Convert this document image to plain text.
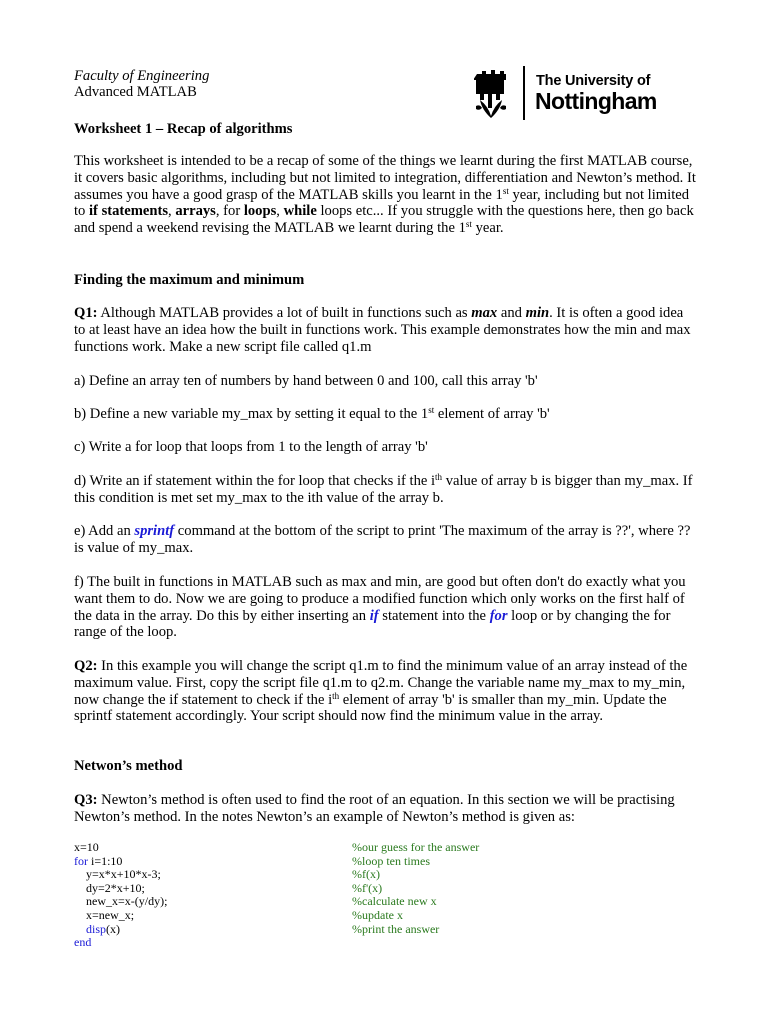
Faculty of Engineering
Advanced MATLAB
The University of
Nottingham

Worksheet 1 – Recap of algorithms

This worksheet is intended to be a recap of some of the things we learnt during the first MATLAB course, it covers basic algorithms, including but not limited to integration, differentiation and Newton’s method. It assumes you have a good grasp of the MATLAB skills you learnt in the 1st year, including but not limited to if statements, arrays, for loops, while loops etc... If you struggle with the questions here, then go back and spend a weekend revising the MATLAB we learnt during the 1st year.

Finding the maximum and minimum

Q1: Although MATLAB provides a lot of built in functions such as max and min. It is often a good idea to at least have an idea how the built in functions work. This example demonstrates how the min and max functions work. Make a new script file called q1.m

a) Define an array ten of numbers by hand between 0 and 100, call this array 'b'

b) Define a new variable my_max by setting it equal to the 1st element of array 'b'

c) Write a for loop that loops from 1 to the length of array 'b'

d) Write an if statement within the for loop that checks if the $i^{th}$ value of array b is bigger than my_max. If this condition is met set my_max to the ith value of the array b.

e) Add an sprintf command at the bottom of the script to print 'The maximum of the array is ??', where ?? is value of my_max.

f) The built in functions in MATLAB such as max and min, are good but often don't do exactly what you want them to do. Now we are going to produce a modified function which only works on the first half of the data in the array. Do this by either inserting an if statement into the for loop or by changing the for range of the loop.

Q2: In this example you will change the script q1.m to find the minimum value of an array instead of the maximum value. First, copy the script file q1.m to q2.m. Change the variable name my_max to my_min, now change the if statement to check if the $i^{th}$ element of array 'b' is smaller than my_min. Update the sprintf statement accordingly. Your script should now find the minimum value in the array.

Netwon’s method

Q3: Newton’s method is often used to find the root of an equation. In this section we will be practising Newton’s method. In the notes Newton’s an example of Newton’s method is given as:

x=10	%our guess for the answer
for i=1:10	%loop ten times
y=x*x+10*x-3;	%f(x)
dy=2*x+10;	%f'(x)
new_x=x-(y/dy);	%calculate new x
x=new_x;	%update x
disp(x)	%print the answer
end
